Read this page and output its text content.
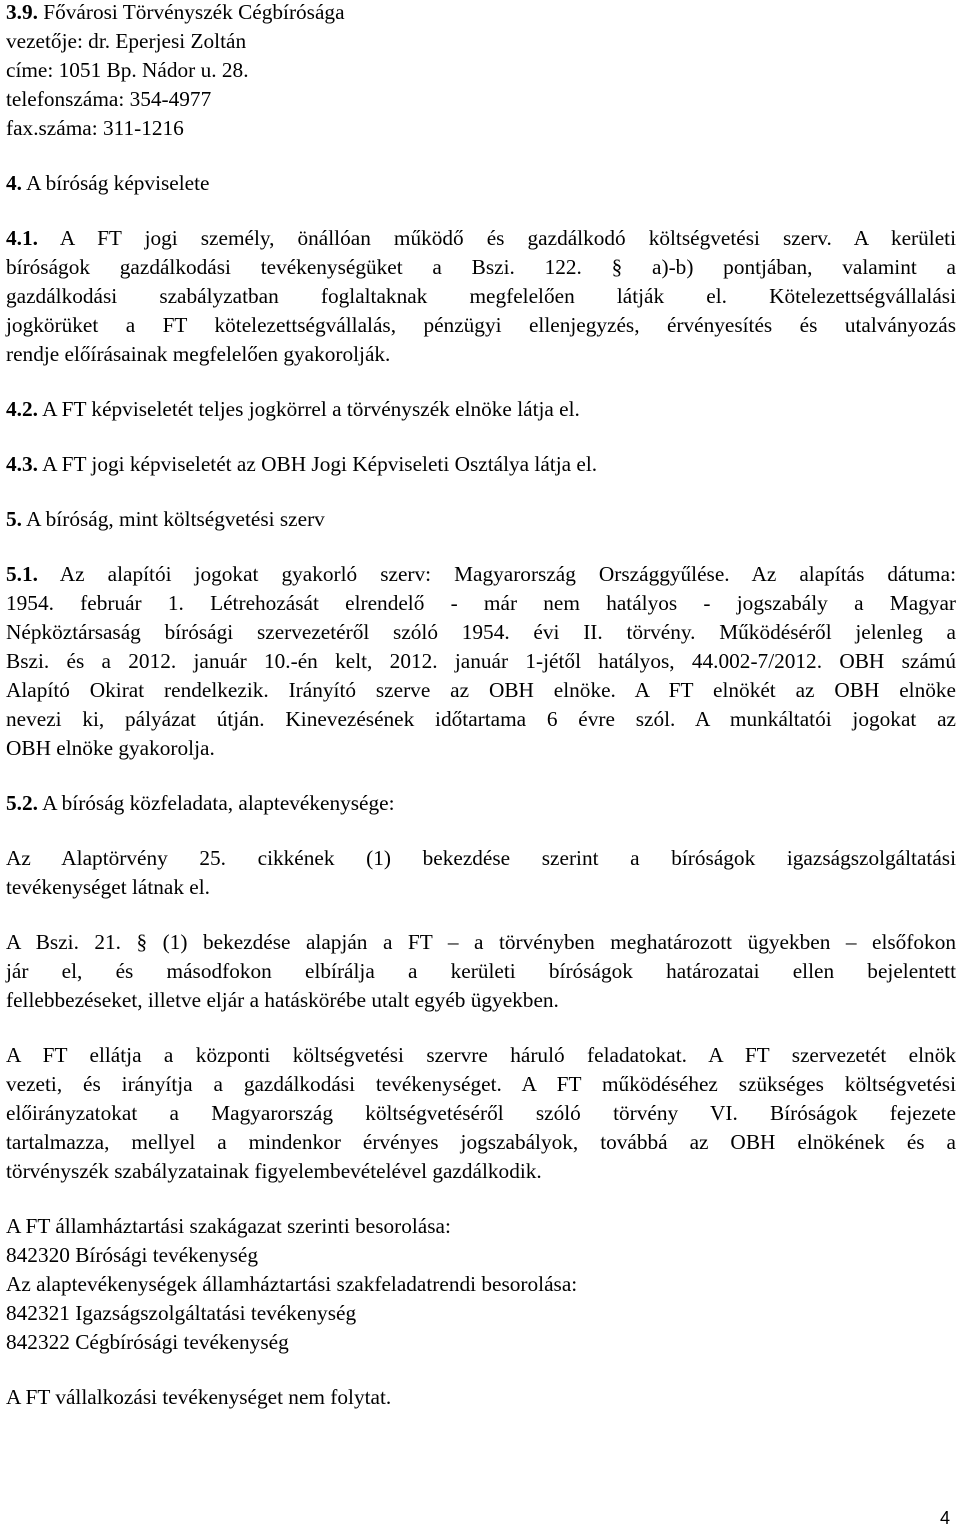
3.9. Fővárosi Törvényszék Cégbírósága
vezetője: dr. Eperjesi Zoltán
címe: 1051 Bp. Nádor u. 28.
telefonszáma: 354-4977
fax.száma: 311-1216
4. A bíróság képviselete
4.1. A FT jogi személy, önállóan működő és gazdálkodó költségvetési szerv. A kerületi
bíróságok gazdálkodási tevékenységüket a Bszi. 122. § a)-b) pontjában, valamint a
gazdálkodási szabályzatban foglaltaknak megfelelően látják el. Kötelezettségvállalási
jogkörüket a FT kötelezettségvállalás, pénzügyi ellenjegyzés, érvényesítés és utalványozás
rendje előírásainak megfelelően gyakorolják.
4.2. A FT képviseletét teljes jogkörrel a törvényszék elnöke látja el.
4.3. A FT jogi képviseletét az OBH Jogi Képviseleti Osztálya látja el.
5. A bíróság, mint költségvetési szerv
5.1. Az alapítói jogokat gyakorló szerv: Magyarország Országgyűlése. Az alapítás dátuma:
1954. február 1. Létrehozását elrendelő - már nem hatályos - jogszabály a Magyar
Népköztársaság bírósági szervezetéről szóló 1954. évi II. törvény. Működéséről jelenleg a
Bszi. és a 2012. január 10.-én kelt, 2012. január 1-jétől hatályos, 44.002-7/2012. OBH számú
Alapító Okirat rendelkezik. Irányító szerve az OBH elnöke. A FT elnökét az OBH elnöke
nevezi ki, pályázat útján. Kinevezésének időtartama 6 évre szól. A munkáltatói jogokat az
OBH elnöke gyakorolja.
5.2. A bíróság közfeladata, alaptevékenysége:
Az Alaptörvény 25. cikkének (1) bekezdése szerint a bíróságok igazságszolgáltatási
tevékenységet látnak el.
A Bszi. 21. § (1) bekezdése alapján a FT – a törvényben meghatározott ügyekben – elsőfokon
jár el, és másodfokon elbírálja a kerületi bíróságok határozatai ellen bejelentett
fellebbezéseket, illetve eljár a hatáskörébe utalt egyéb ügyekben.
A FT ellátja a központi költségvetési szervre háruló feladatokat. A FT szervezetét elnök
vezeti, és irányítja a gazdálkodási tevékenységet. A FT működéséhez szükséges költségvetési
előirányzatokat a Magyarország költségvetéséről szóló törvény VI. Bíróságok fejezete
tartalmazza, mellyel a mindenkor érvényes jogszabályok, továbbá az OBH elnökének és a
törvényszék szabályzatainak figyelembevételével gazdálkodik.
A FT államháztartási szakágazat szerinti besorolása:
842320 Bírósági tevékenység
Az alaptevékenységek államháztartási szakfeladatrendi besorolása:
842321 Igazságszolgáltatási tevékenység
842322 Cégbírósági tevékenység
A FT vállalkozási tevékenységet nem folytat.
4
